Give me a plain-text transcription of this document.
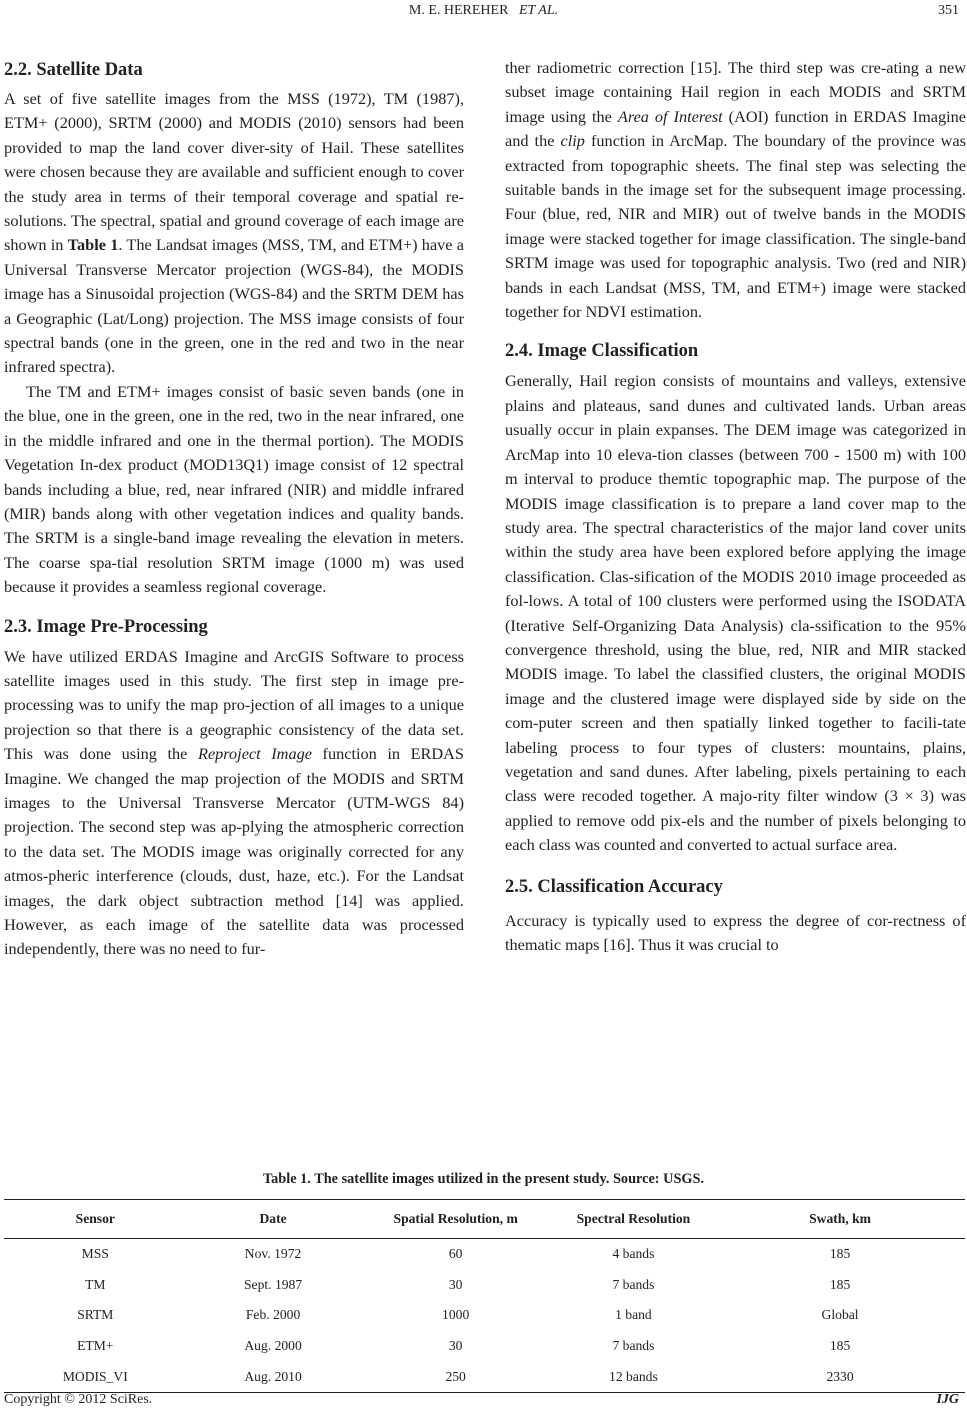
M. E. HEREHER ET AL.	351
2.2. Satellite Data

A set of five satellite images from the MSS (1972), TM (1987), ETM+ (2000), SRTM (2000) and MODIS (2010) sensors had been provided to map the land cover diver-sity of Hail. These satellites were chosen because they are available and sufficient enough to cover the study area in terms of their temporal coverage and spatial re-solutions. The spectral, spatial and ground coverage of each image are shown in Table 1. The Landsat images (MSS, TM, and ETM+) have a Universal Transverse Mercator projection (WGS-84), the MODIS image has a Sinusoidal projection (WGS-84) and the SRTM DEM has a Geographic (Lat/Long) projection. The MSS image consists of four spectral bands (one in the green, one in the red and two in the near infrared spectra).

The TM and ETM+ images consist of basic seven bands (one in the blue, one in the green, one in the red, two in the near infrared, one in the middle infrared and one in the thermal portion). The MODIS Vegetation In-dex product (MOD13Q1) image consist of 12 spectral bands including a blue, red, near infrared (NIR) and middle infrared (MIR) bands along with other vegetation indices and quality bands. The SRTM is a single-band image revealing the elevation in meters. The coarse spa-tial resolution SRTM image (1000 m) was used because it provides a seamless regional coverage.

2.3. Image Pre-Processing

We have utilized ERDAS Imagine and ArcGIS Software to process satellite images used in this study. The first step in image pre-processing was to unify the map pro-jection of all images to a unique projection so that there is a geographic consistency of the data set. This was done using the Reproject Image function in ERDAS Imagine. We changed the map projection of the MODIS and SRTM images to the Universal Transverse Mercator (UTM-WGS 84) projection. The second step was ap-plying the atmospheric correction to the data set. The MODIS image was originally corrected for any atmos-pheric interference (clouds, dust, haze, etc.). For the Landsat images, the dark object subtraction method [14] was applied. However, as each image of the satellite data was processed independently, there was no need to fur-

ther radiometric correction [15]. The third step was cre-ating a new subset image containing Hail region in each MODIS and SRTM image using the Area of Interest (AOI) function in ERDAS Imagine and the clip function in ArcMap. The boundary of the province was extracted from topographic sheets. The final step was selecting the suitable bands in the image set for the subsequent image processing. Four (blue, red, NIR and MIR) out of twelve bands in the MODIS image were stacked together for image classification. The single-band SRTM image was used for topographic analysis. Two (red and NIR) bands in each Landsat (MSS, TM, and ETM+) image were stacked together for NDVI estimation.

2.4. Image Classification

Generally, Hail region consists of mountains and valleys, extensive plains and plateaus, sand dunes and cultivated lands. Urban areas usually occur in plain expanses. The DEM image was categorized in ArcMap into 10 eleva-tion classes (between 700 - 1500 m) with 100 m interval to produce themtic topographic map. The purpose of the MODIS image classification is to prepare a land cover map to the study area. The spectral characteristics of the major land cover units within the study area have been explored before applying the image classification. Clas-sification of the MODIS 2010 image proceeded as fol-lows. A total of 100 clusters were performed using the ISODATA (Iterative Self-Organizing Data Analysis) cla-ssification to the 95% convergence threshold, using the blue, red, NIR and MIR stacked MODIS image. To label the classified clusters, the original MODIS image and the clustered image were displayed side by side on the com-puter screen and then spatially linked together to facili-tate labeling process to four types of clusters: mountains, plains, vegetation and sand dunes. After labeling, pixels pertaining to each class were recoded together. A majo-rity filter window (3 × 3) was applied to remove odd pix-els and the number of pixels belonging to each class was counted and converted to actual surface area.

2.5. Classification Accuracy

Accuracy is typically used to express the degree of cor-rectness of thematic maps [16]. Thus it was crucial to

Table 1. The satellite images utilized in the present study. Source: USGS.
Sensor	Date	Spatial Resolution, m	Spectral Resolution	Swath, km
MSS	Nov. 1972	60	4 bands	185
TM	Sept. 1987	30	7 bands	185
SRTM	Feb. 2000	1000	1 band	Global
ETM+	Aug. 2000	30	7 bands	185
MODIS_VI	Aug. 2010	250	12 bands	2330
Copyright © 2012 SciRes.	IJG
